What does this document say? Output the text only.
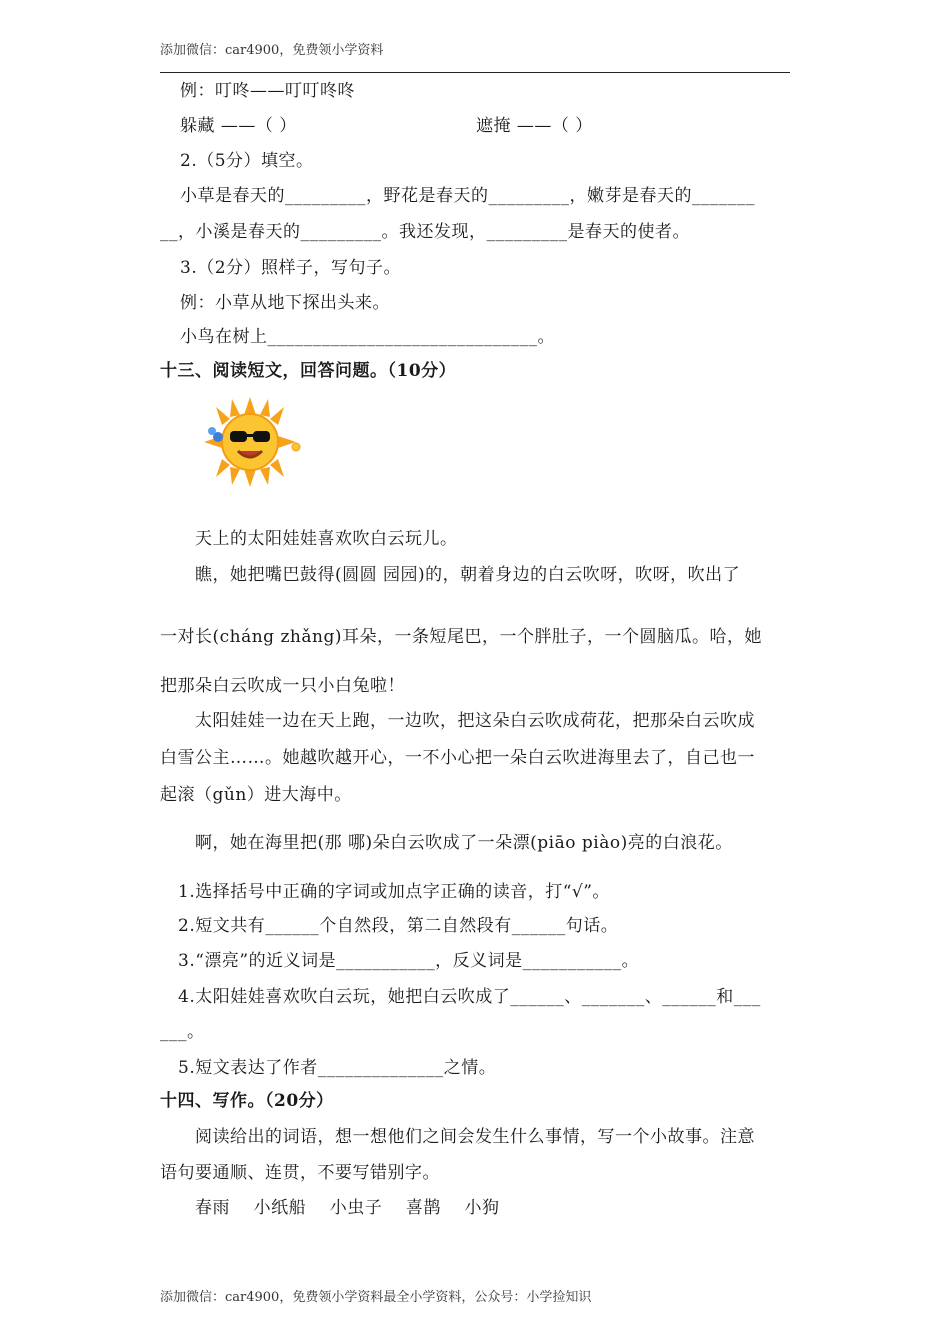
添加微信：car4900，免费领小学资料
例：叮咚——叮叮咚咚
躲藏 ——（ ）	遮掩 ——（ ）
2.（5分）填空。
小草是春天的_________，野花是春天的_________，嫩芽是春天的_______
__，小溪是春天的_________。我还发现，_________是春天的使者。
3.（2分）照样子，写句子。
例：小草从地下探出头来。
小鸟在树上______________________________。
十三、阅读短文，回答问题。（10分）
天上的太阳娃娃喜欢吹白云玩儿。
瞧，她把嘴巴鼓得(圆圆 园园)的，朝着身边的白云吹呀，吹呀，吹出了
一对长(cháng zhǎng)耳朵，一条短尾巴，一个胖肚子，一个圆脑瓜。哈，她
把那朵白云吹成一只小白兔啦！
太阳娃娃一边在天上跑，一边吹，把这朵白云吹成荷花，把那朵白云吹成
白雪公主……。她越吹越开心，一不小心把一朵白云吹进海里去了，自己也一
起滚（gǔn）进大海中。
啊，她在海里把(那 哪)朵白云吹成了一朵漂(piāo piào)亮的白浪花。
1.选择括号中正确的字词或加点字正确的读音，打“√”。
2.短文共有______个自然段，第二自然段有______句话。
3.“漂亮”的近义词是___________，反义词是___________。
4.太阳娃娃喜欢吹白云玩，她把白云吹成了______、_______、______和___
___。
5.短文表达了作者______________之情。
十四、写作。（20分）
阅读给出的词语，想一想他们之间会发生什么事情，写一个小故事。注意
语句要通顺、连贯，不要写错别字。
春雨    小纸船    小虫子    喜鹊    小狗
添加微信：car4900，免费领小学资料最全小学资料，公众号：小学捡知识
